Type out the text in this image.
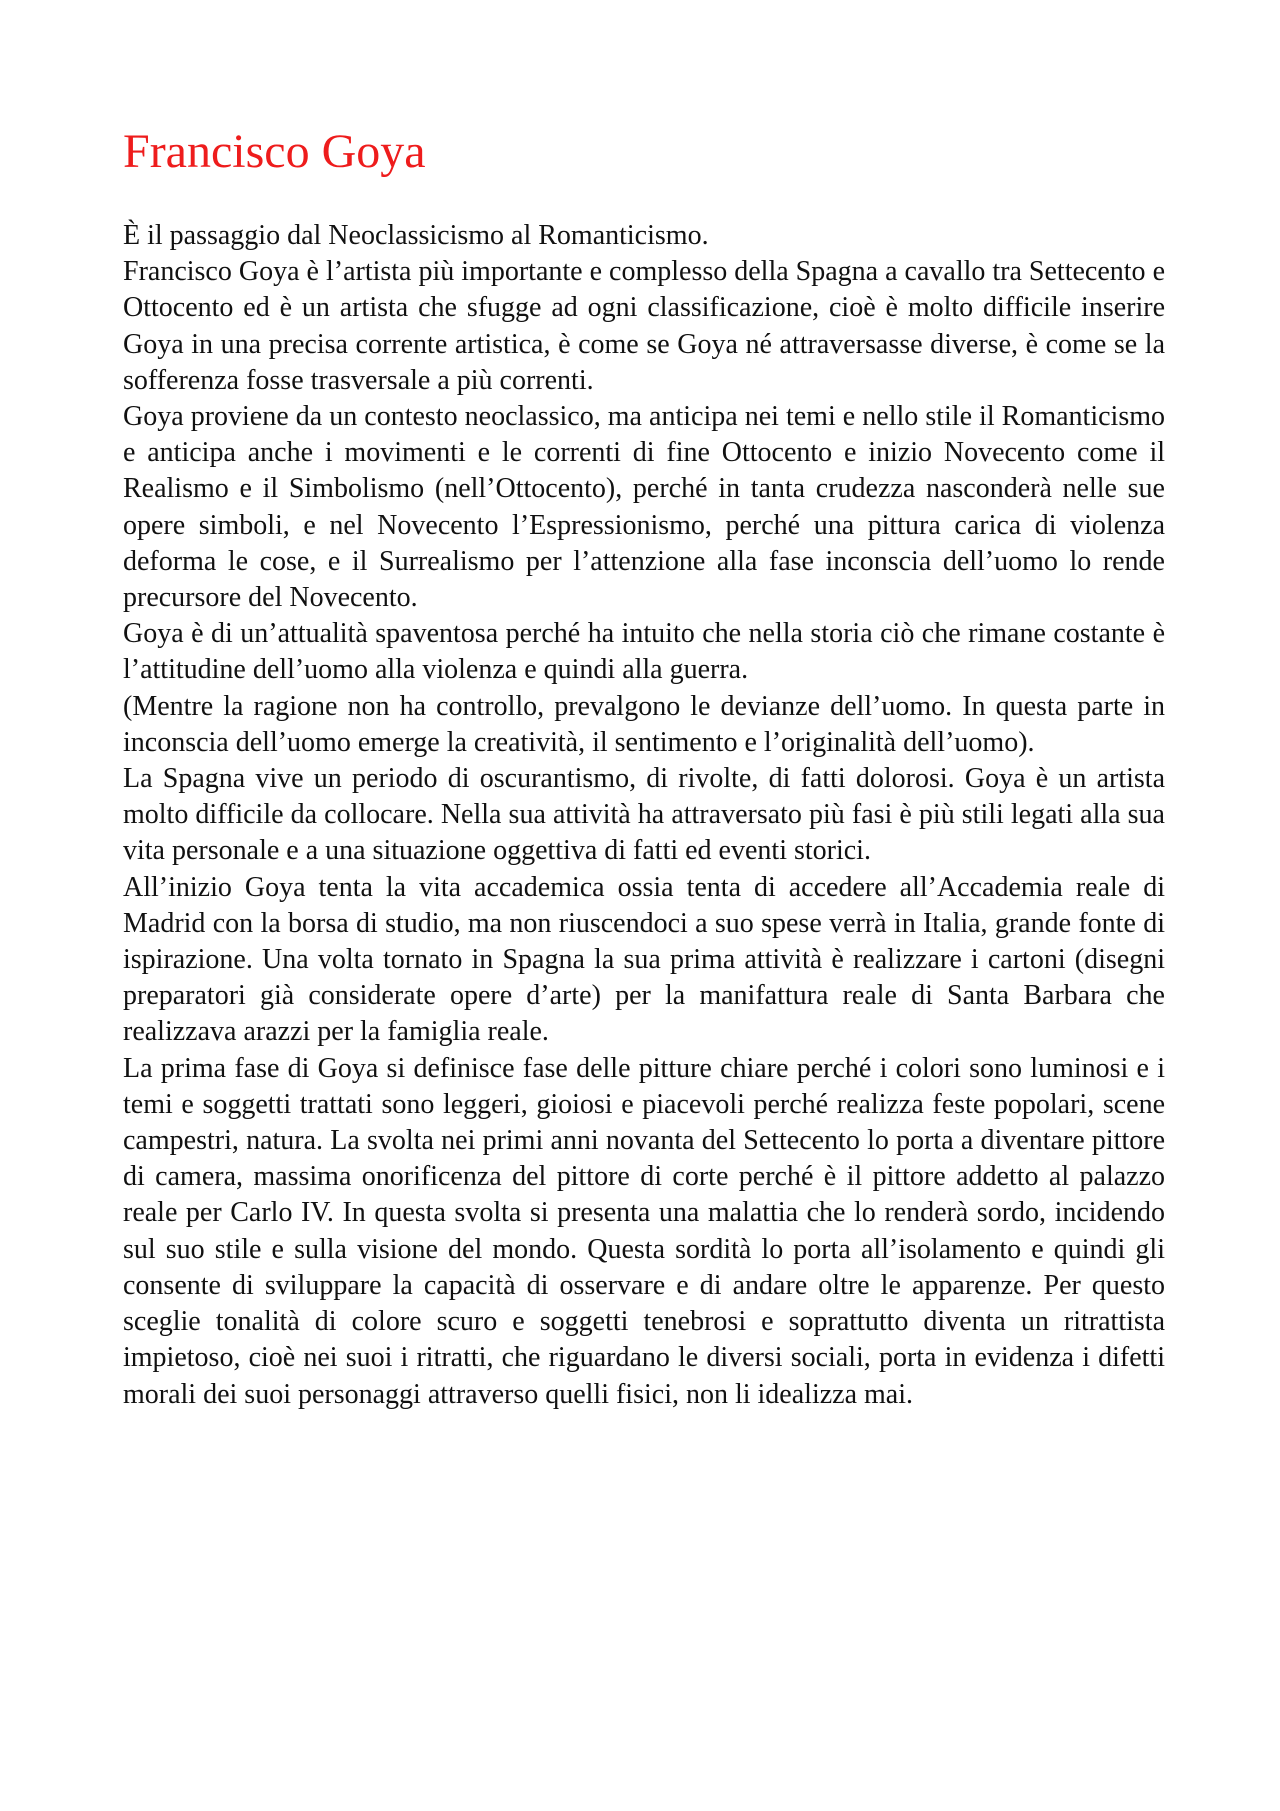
Francisco Goya

È il passaggio dal Neoclassicismo al Romanticismo.

Francisco Goya è l’artista più importante e complesso della Spagna a cavallo tra Settecento e Ottocento ed è un artista che sfugge ad ogni classificazione, cioè è molto difficile inserire Goya in una precisa corrente artistica, è come se Goya né attraversasse diverse, è come se la sofferenza fosse trasversale a più correnti.

Goya proviene da un contesto neoclassico, ma anticipa nei temi e nello stile il Romanticismo e anticipa anche i movimenti e le correnti di fine Ottocento e inizio Novecento come il Realismo e il Simbolismo (nell’Ottocento), perché in tanta crudezza nasconderà nelle sue opere simboli, e nel Novecento l’Espressionismo, perché una pittura carica di violenza deforma le cose, e il Surrealismo per l’attenzione alla fase inconscia dell’uomo lo rende precursore del Novecento.

Goya è di un’attualità spaventosa perché ha intuito che nella storia ciò che rimane costante è l’attitudine dell’uomo alla violenza e quindi alla guerra.

(Mentre la ragione non ha controllo, prevalgono le devianze dell’uomo. In questa parte in inconscia dell’uomo emerge la creatività, il sentimento e l’originalità dell’uomo).

La Spagna vive un periodo di oscurantismo, di rivolte, di fatti dolorosi. Goya è un artista molto difficile da collocare. Nella sua attività ha attraversato più fasi è più stili legati alla sua vita personale e a una situazione oggettiva di fatti ed eventi storici.

All’inizio Goya tenta la vita accademica ossia tenta di accedere all’Accademia reale di Madrid con la borsa di studio, ma non riuscendoci a suo spese verrà in Italia, grande fonte di ispirazione. Una volta tornato in Spagna la sua prima attività è realizzare i cartoni (disegni preparatori già considerate opere d’arte) per la manifattura reale di Santa Barbara che realizzava arazzi per la famiglia reale.

La prima fase di Goya si definisce fase delle pitture chiare perché i colori sono luminosi e i temi e soggetti trattati sono leggeri, gioiosi e piacevoli perché realizza feste popolari, scene campestri, natura. La svolta nei primi anni novanta del Settecento lo porta a diventare pittore di camera, massima onorificenza del pittore di corte perché è il pittore addetto al palazzo reale per Carlo IV. In questa svolta si presenta una malattia che lo renderà sordo, incidendo sul suo stile e sulla visione del mondo. Questa sordità lo porta all’isolamento e quindi gli consente di sviluppare la capacità di osservare e di andare oltre le apparenze. Per questo sceglie tonalità di colore scuro e soggetti tenebrosi e soprattutto diventa un ritrattista impietoso, cioè nei suoi i ritratti, che riguardano le diversi sociali, porta in evidenza i difetti morali dei suoi personaggi attraverso quelli fisici, non li idealizza mai.
